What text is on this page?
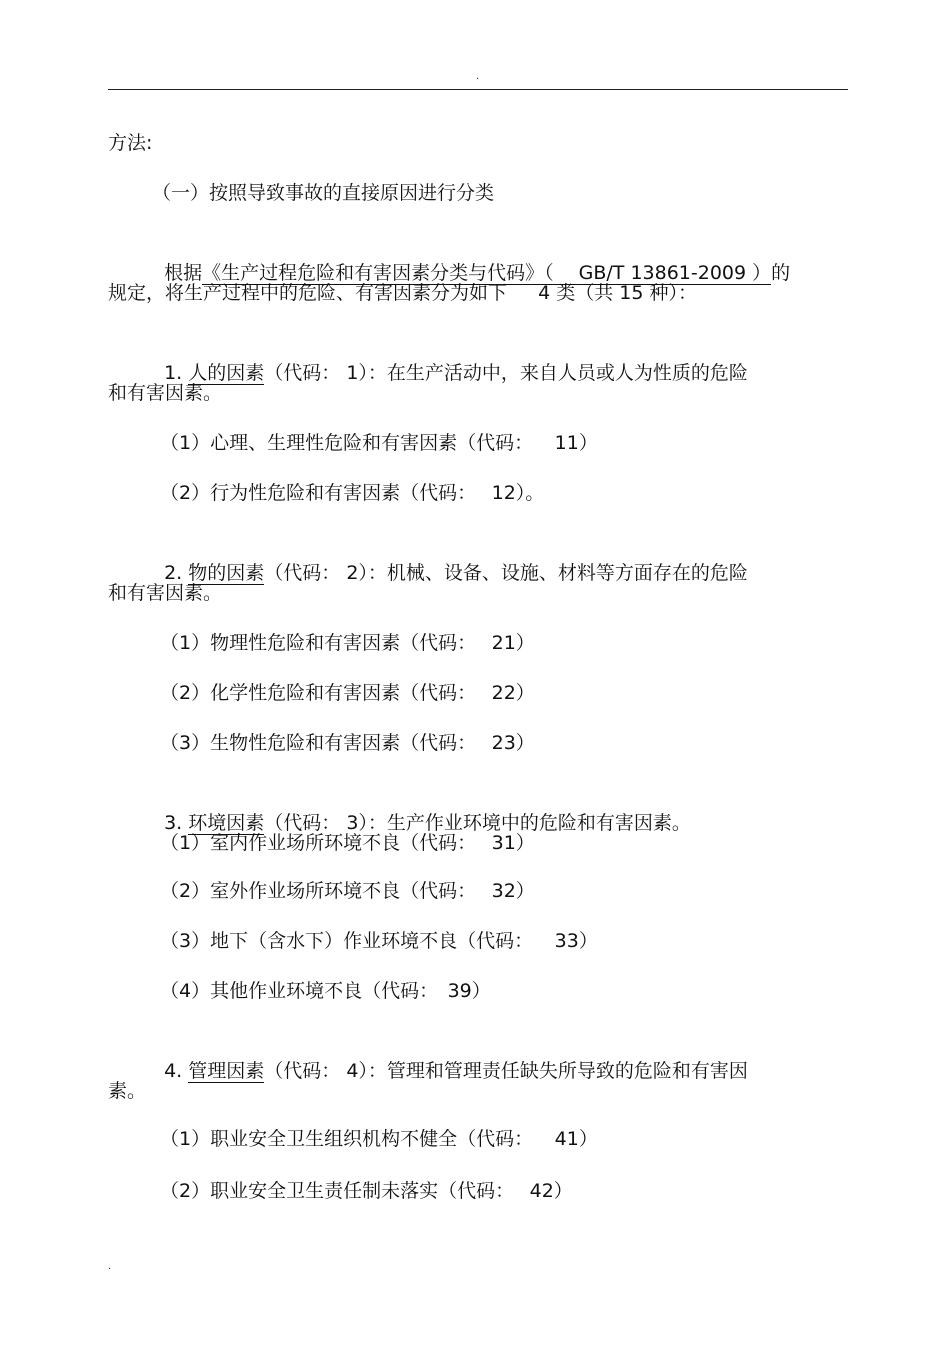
.
方法:
（一）按照导致事故的直接原因进行分类

根据《生产过程危险和有害因素分类与代码》（　 GB/T 13861-2009 ）的

规定，将生产过程中的危险、有害因素分为如下　  4 类（共 15 种）：

1. 人的因素（代码： 1）：在生产活动中，来自人员或人为性质的危险

和有害因素。
（1）心理、生理性危险和有害因素（代码：　  11）
（2）行为性危险和有害因素（代码：　 12）。

2. 物的因素（代码： 2）：机械、设备、设施、材料等方面存在的危险

和有害因素。
（1）物理性危险和有害因素（代码：　 21）
（2）化学性危险和有害因素（代码：　 22）
（3）生物性危险和有害因素（代码：　 23）

3. 环境因素（代码： 3）：生产作业环境中的危险和有害因素。

（1）室内作业场所环境不良（代码：　 31）
（2）室外作业场所环境不良（代码：　 32）
（3）地下（含水下）作业环境不良（代码：　  33）
（4）其他作业环境不良（代码：　39）

4. 管理因素（代码： 4）：管理和管理责任缺失所导致的危险和有害因

素。
（1）职业安全卫生组织机构不健全（代码：　  41）
（2）职业安全卫生责任制未落实（代码：　 42）
.
